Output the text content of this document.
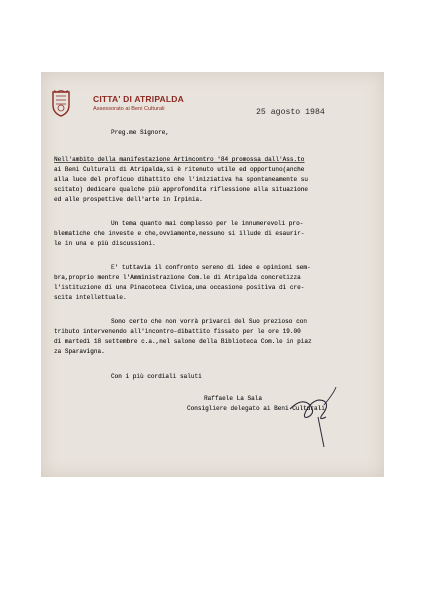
CITTA' DI ATRIPALDA
Assessorato ai Beni Culturali	25 agosto 1984
Preg.me Signore,
Nell'ambito della manifestazione Artincontro '84 promossa dall'Ass.to
ai Beni Culturali di Atripalda,si è ritenuto utile ed opportuno(anche
alla luce del proficuo dibattito che l'iniziativa ha spontaneamente su
scitato) dedicare qualche più approfondita riflessione alla situazione
ed alle prospettive dell'arte in Irpinia.
Un tema quanto mai complesso per le innumerevoli pro-
blematiche che investe e che,ovviamente,nessuno si illude di esaurir-
le in una e più discussioni.
E' tuttavia il confronto sereno di idee e opinioni sem-
bra,proprio mentre l'Amministrazione Com.le di Atripalda concretizza
l'istituzione di una Pinacoteca Civica,una occasione positiva di cre-
scita intellettuale.
Sono certo che non vorrà privarci del Suo prezioso con
tributo intervenendo all'incontro-dibattito fissato per le ore 19.00
di martedì 18 settembre c.a.,nel salone della Biblioteca Com.le in piaz
za Sparavigna.
Con i più cordiali saluti
Raffaele La Sala
Consigliere delegato ai Beni Culturali
